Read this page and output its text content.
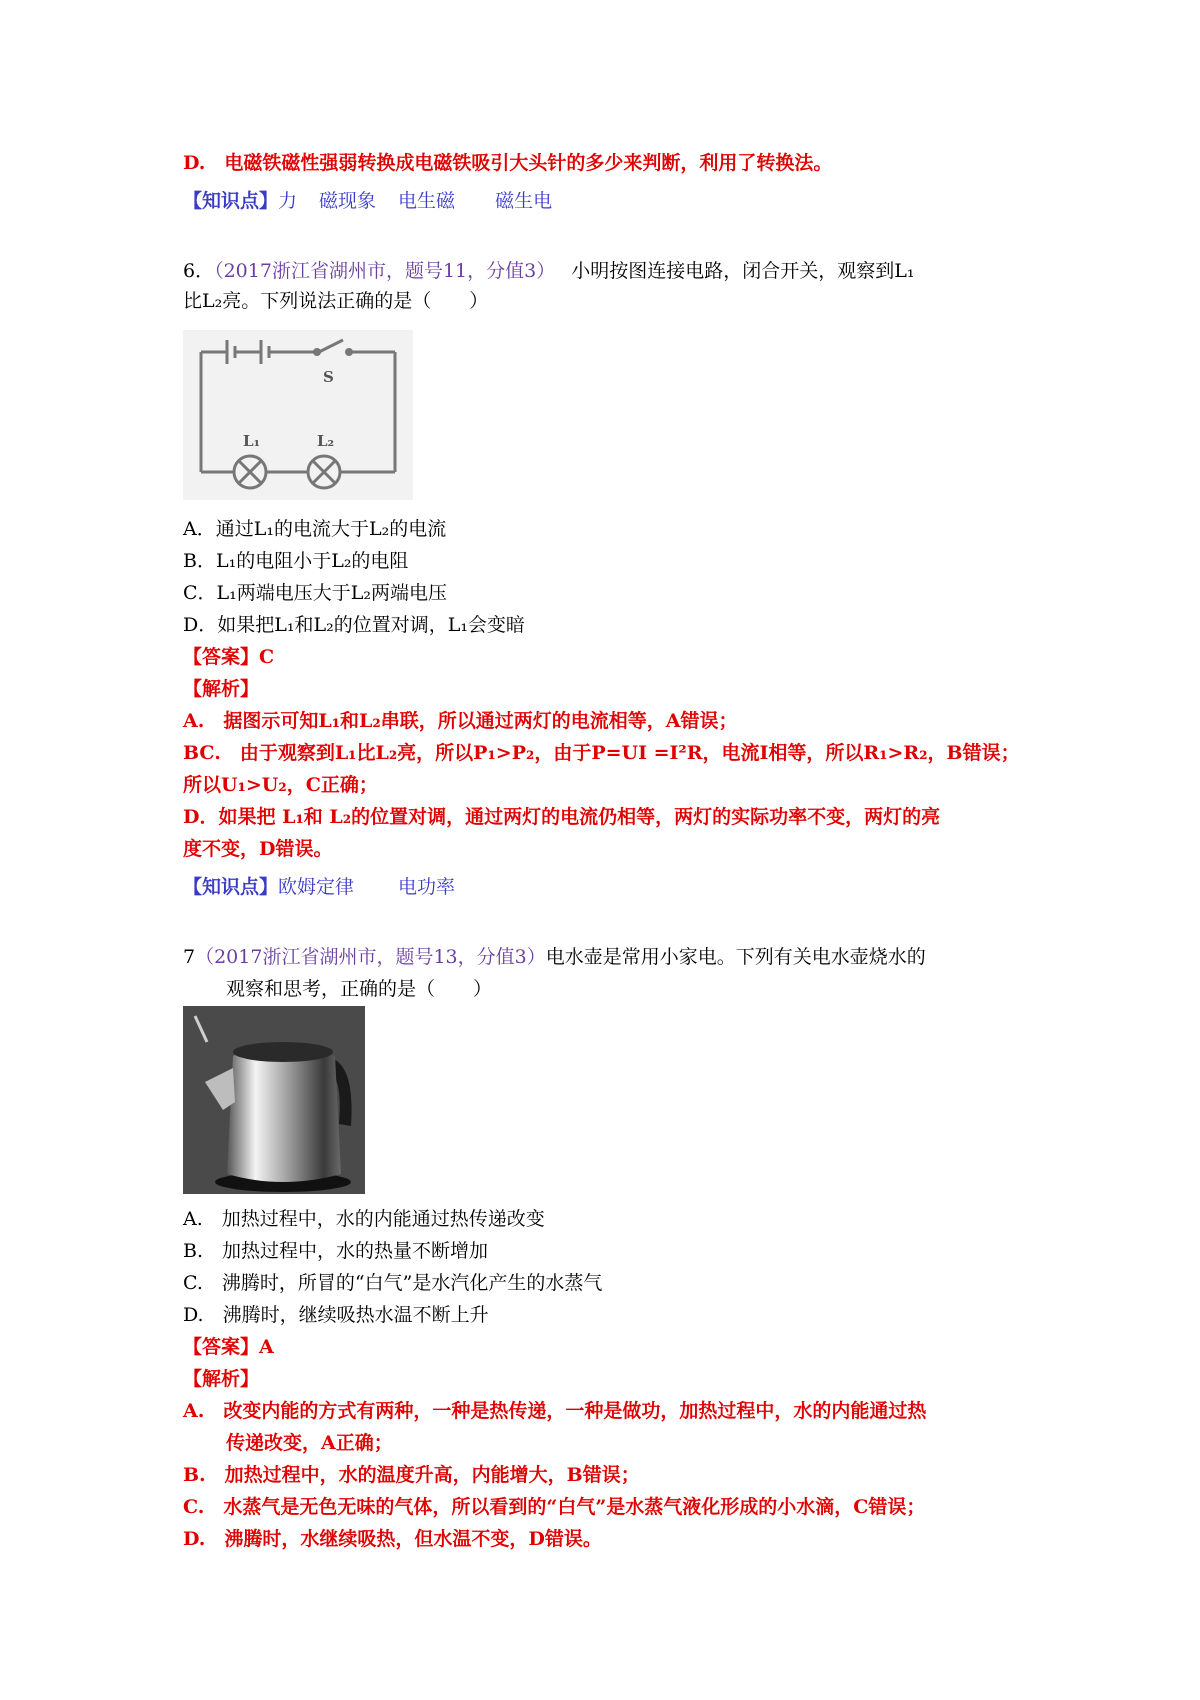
D.　电磁铁磁性强弱转换成电磁铁吸引大头针的多少来判断，利用了转换法。
【知识点】力 磁现象 电生磁 磁生电
6．（2017浙江省湖州市，题号11，分值3） 小明按图连接电路，闭合开关，观察到L₁
比L₂亮。下列说法正确的是（　　）
S
L₁	L₂
A．通过L₁的电流大于L₂的电流
B．L₁的电阻小于L₂的电阻
C．L₁两端电压大于L₂两端电压
D．如果把L₁和L₂的位置对调，L₁会变暗
【答案】C
【解析】
A.　据图示可知L₁和L₂串联，所以通过两灯的电流相等，A错误；
BC.　由于观察到L₁比L₂亮，所以P₁>P₂，由于P=UI =I²R，电流I相等，所以R₁>R₂，B错误；
所以U₁>U₂，C正确；
D．如果把 L₁和 L₂的位置对调，通过两灯的电流仍相等，两灯的实际功率不变，两灯的亮
度不变，D错误。
【知识点】欧姆定律 电功率
7（2017浙江省湖州市，题号13，分值3）电水壶是常用小家电。下列有关电水壶烧水的
观察和思考，正确的是（　　）
A.　加热过程中，水的内能通过热传递改变
B.　加热过程中，水的热量不断增加
C.　沸腾时，所冒的“白气”是水汽化产生的水蒸气
D.　沸腾时，继续吸热水温不断上升
【答案】A
【解析】
A.　改变内能的方式有两种，一种是热传递，一种是做功，加热过程中，水的内能通过热
传递改变，A正确；
B.　加热过程中，水的温度升高，内能增大，B错误；
C.　水蒸气是无色无味的气体，所以看到的“白气”是水蒸气液化形成的小水滴，C错误；
D.　沸腾时，水继续吸热，但水温不变，D错误。
